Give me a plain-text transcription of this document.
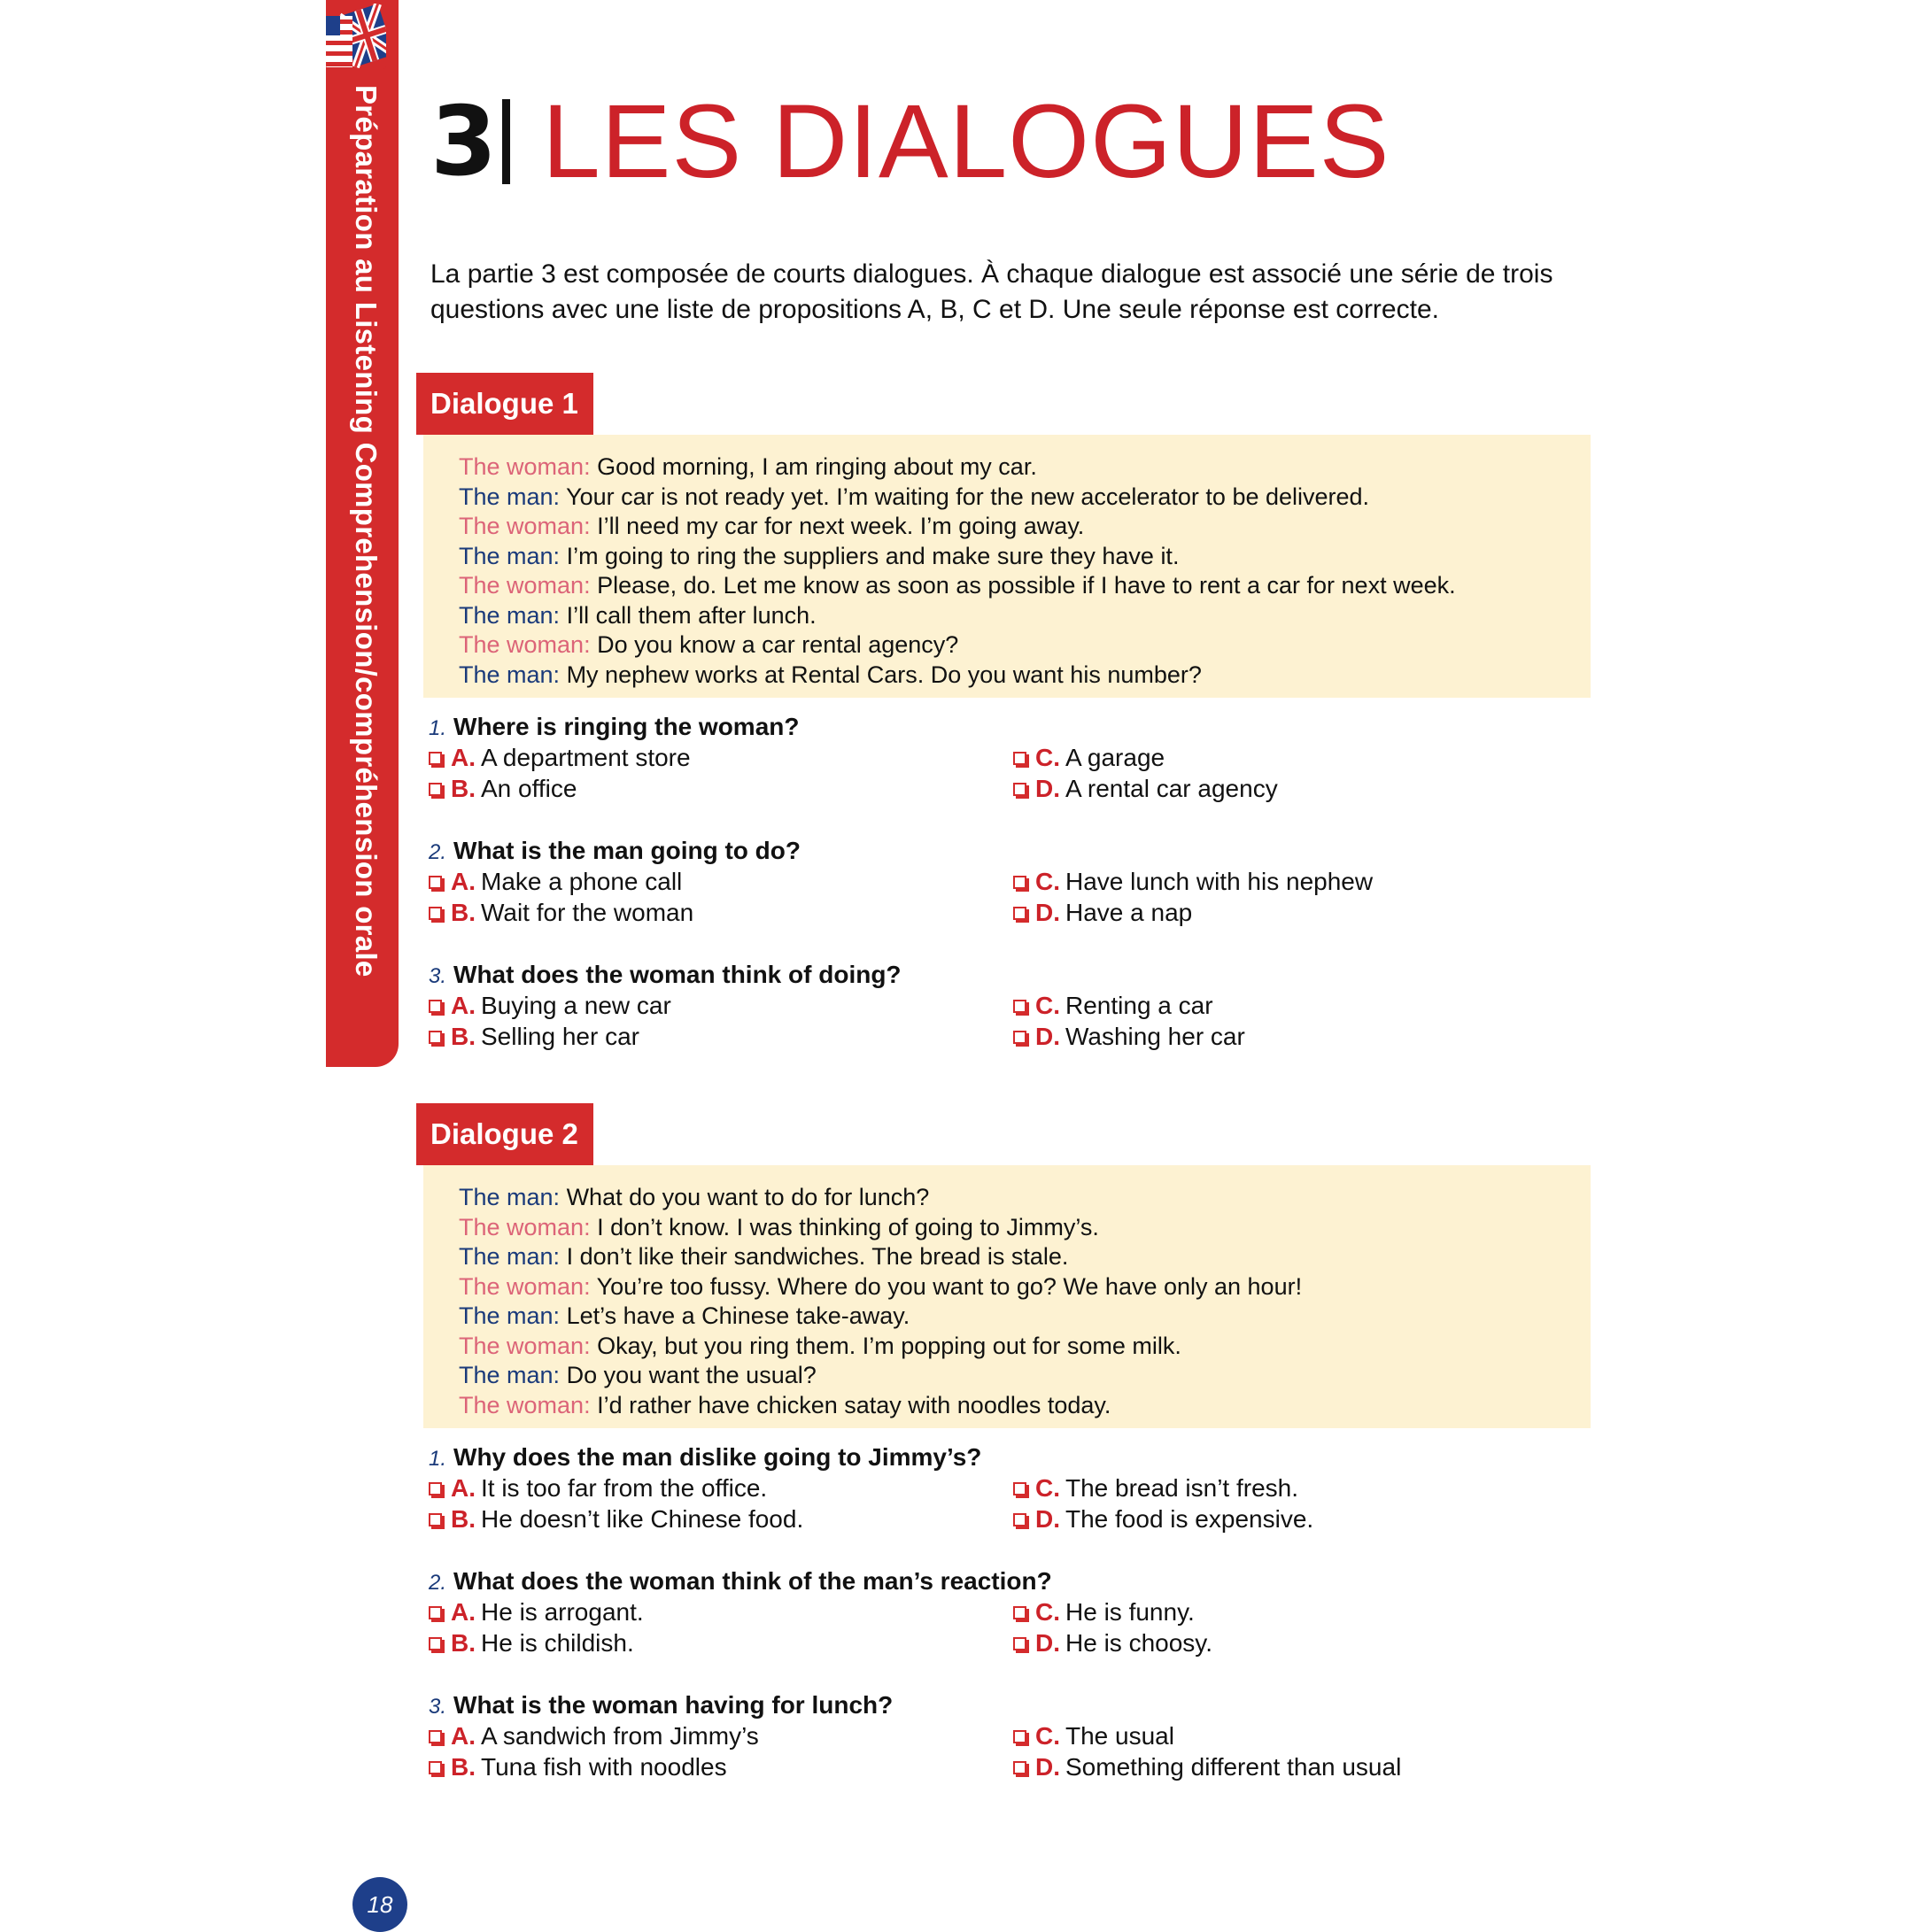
Préparation au Listening Comprehension/compréhension orale 3 LES DIALOGUES

La partie 3 est composée de courts dialogues. À chaque dialogue est associé une série de trois

questions avec une liste de propositions A, B, C et D. Une seule réponse est correcte.

Dialogue 1
The woman: Good morning, I am ringing about my car.
The man: Your car is not ready yet. I’m waiting for the new accelerator to be delivered.
The woman: I’ll need my car for next week. I’m going away.
The man: I’m going to ring the suppliers and make sure they have it.
The woman: Please, do. Let me know as soon as possible if I have to rent a car for next week.
The man: I’ll call them after lunch.
The woman: Do you know a car rental agency?
The man: My nephew works at Rental Cars. Do you want his number?
1. Where is ringing the woman?
A. A department store
B. An office
C. A garage
D. A rental car agency
2. What is the man going to do?
A. Make a phone call
B. Wait for the woman
C. Have lunch with his nephew
D. Have a nap
3. What does the woman think of doing?
A. Buying a new car
B. Selling her car
C. Renting a car
D. Washing her car
Dialogue 2
The man: What do you want to do for lunch?
The woman: I don’t know. I was thinking of going to Jimmy’s.
The man: I don’t like their sandwiches. The bread is stale.
The woman: You’re too fussy. Where do you want to go? We have only an hour!
The man: Let’s have a Chinese take-away.
The woman: Okay, but you ring them. I’m popping out for some milk.
The man: Do you want the usual?
The woman: I’d rather have chicken satay with noodles today.
1. Why does the man dislike going to Jimmy’s?
A. It is too far from the office.
B. He doesn’t like Chinese food.
C. The bread isn’t fresh.
D. The food is expensive.
2. What does the woman think of the man’s reaction?
A. He is arrogant.
B. He is childish.
C. He is funny.
D. He is choosy.
3. What is the woman having for lunch?
A. A sandwich from Jimmy’s
B. Tuna fish with noodles
C. The usual
D. Something different than usual
18
